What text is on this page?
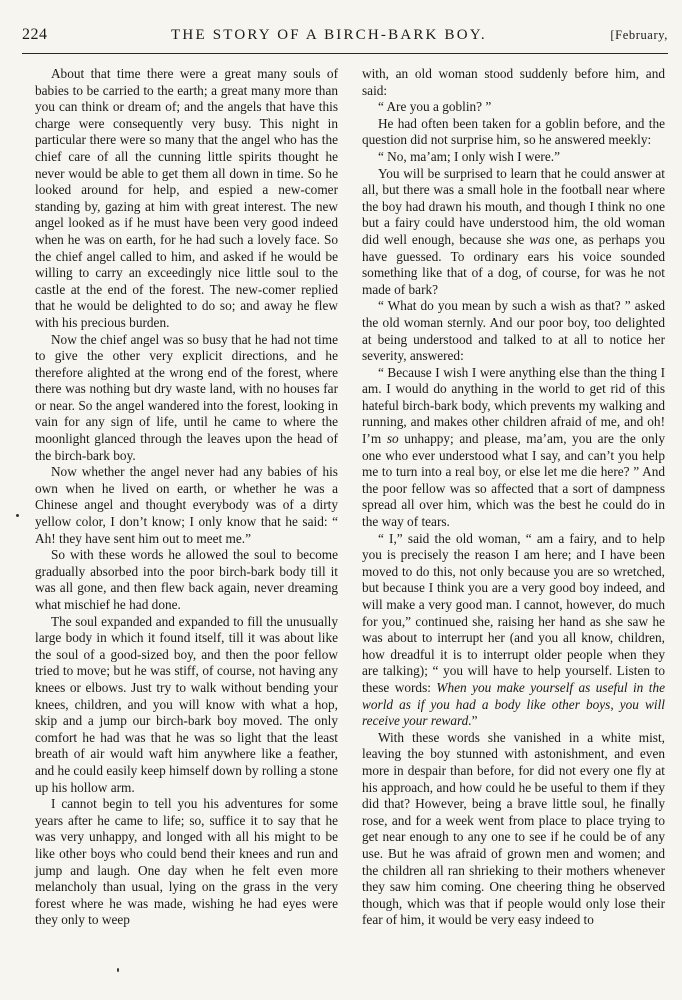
224	THE STORY OF A BIRCH-BARK BOY.	[February,

About that time there were a great many souls of babies to be carried to the earth; a great many more than you can think or dream of; and the angels that have this charge were consequently very busy. This night in particular there were so many that the angel who has the chief care of all the cunning little spirits thought he never would be able to get them all down in time. So he looked around for help, and espied a new-comer standing by, gazing at him with great interest. The new angel looked as if he must have been very good indeed when he was on earth, for he had such a lovely face. So the chief angel called to him, and asked if he would be willing to carry an exceedingly nice little soul to the castle at the end of the forest. The new-comer replied that he would be delighted to do so; and away he flew with his precious burden.

Now the chief angel was so busy that he had not time to give the other very explicit directions, and he therefore alighted at the wrong end of the forest, where there was nothing but dry waste land, with no houses far or near. So the angel wandered into the forest, looking in vain for any sign of life, until he came to where the moonlight glanced through the leaves upon the head of the birch-bark boy.

Now whether the angel never had any babies of his own when he lived on earth, or whether he was a Chinese angel and thought everybody was of a dirty yellow color, I don’t know; I only know that he said: “ Ah! they have sent him out to meet me.”

So with these words he allowed the soul to become gradually absorbed into the poor birch-bark body till it was all gone, and then flew back again, never dreaming what mischief he had done.

The soul expanded and expanded to fill the unusually large body in which it found itself, till it was about like the soul of a good-sized boy, and then the poor fellow tried to move; but he was stiff, of course, not having any knees or elbows. Just try to walk without bending your knees, children, and you will know with what a hop, skip and a jump our birch-bark boy moved. The only comfort he had was that he was so light that the least breath of air would waft him anywhere like a feather, and he could easily keep himself down by rolling a stone up his hollow arm.

I cannot begin to tell you his adventures for some years after he came to life; so, suffice it to say that he was very unhappy, and longed with all his might to be like other boys who could bend their knees and run and jump and laugh. One day when he felt even more melancholy than usual, lying on the grass in the very forest where he was made, wishing he had eyes were they only to weep

with, an old woman stood suddenly before him, and said:

“ Are you a goblin? ”

He had often been taken for a goblin before, and the question did not surprise him, so he answered meekly:

“ No, ma’am; I only wish I were.”

You will be surprised to learn that he could answer at all, but there was a small hole in the football near where the boy had drawn his mouth, and though I think no one but a fairy could have understood him, the old woman did well enough, because she was one, as perhaps you have guessed. To ordinary ears his voice sounded something like that of a dog, of course, for was he not made of bark?

“ What do you mean by such a wish as that? ” asked the old woman sternly. And our poor boy, too delighted at being understood and talked to at all to notice her severity, answered:

“ Because I wish I were anything else than the thing I am. I would do anything in the world to get rid of this hateful birch-bark body, which prevents my walking and running, and makes other children afraid of me, and oh! I’m so unhappy; and please, ma’am, you are the only one who ever understood what I say, and can’t you help me to turn into a real boy, or else let me die here? ” And the poor fellow was so affected that a sort of dampness spread all over him, which was the best he could do in the way of tears.

“ I,” said the old woman, “ am a fairy, and to help you is precisely the reason I am here; and I have been moved to do this, not only because you are so wretched, but because I think you are a very good boy indeed, and will make a very good man. I cannot, however, do much for you,” continued she, raising her hand as she saw he was about to interrupt her (and you all know, children, how dreadful it is to interrupt older people when they are talking); “ you will have to help yourself. Listen to these words: When you make yourself as useful in the world as if you had a body like other boys, you will receive your reward.”

With these words she vanished in a white mist, leaving the boy stunned with astonishment, and even more in despair than before, for did not every one fly at his approach, and how could he be useful to them if they did that? However, being a brave little soul, he finally rose, and for a week went from place to place trying to get near enough to any one to see if he could be of any use. But he was afraid of grown men and women; and the children all ran shrieking to their mothers whenever they saw him coming. One cheering thing he observed though, which was that if people would only lose their fear of him, it would be very easy indeed to
